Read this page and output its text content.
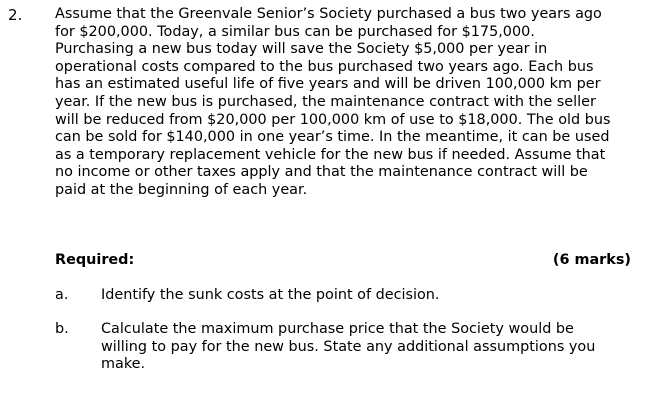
2. Assume that the Greenvale Senior’s Society purchased a bus two years ago
for $200,000. Today, a similar bus can be purchased for $175,000.
Purchasing a new bus today will save the Society $5,000 per year in
operational costs compared to the bus purchased two years ago. Each bus
has an estimated useful life of five years and will be driven 100,000 km per
year. If the new bus is purchased, the maintenance contract with the seller
will be reduced from $20,000 per 100,000 km of use to $18,000. The old bus
can be sold for $140,000 in one year’s time. In the meantime, it can be used
as a temporary replacement vehicle for the new bus if needed. Assume that
no income or other taxes apply and that the maintenance contract will be
paid at the beginning of each year.
Required:	(6 marks)
a. Identify the sunk costs at the point of decision.
b. Calculate the maximum purchase price that the Society would be
willing to pay for the new bus. State any additional assumptions you
make.
